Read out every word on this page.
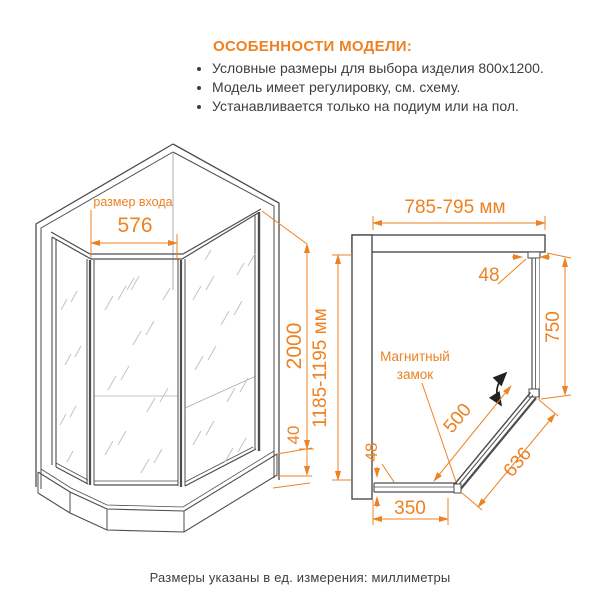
ОСОБЕННОСТИ МОДЕЛИ:
• Условные размеры для выбора изделия 800x1200.
• Модель имеет регулировку, см. схему.
• Устанавливается только на подиум или на пол.
размер входа
576
2000
40
785-795 мм
1185-1195 мм
48
750
500
636
48
350
Магнитный
замок
Размеры указаны в ед. измерения: миллиметры
